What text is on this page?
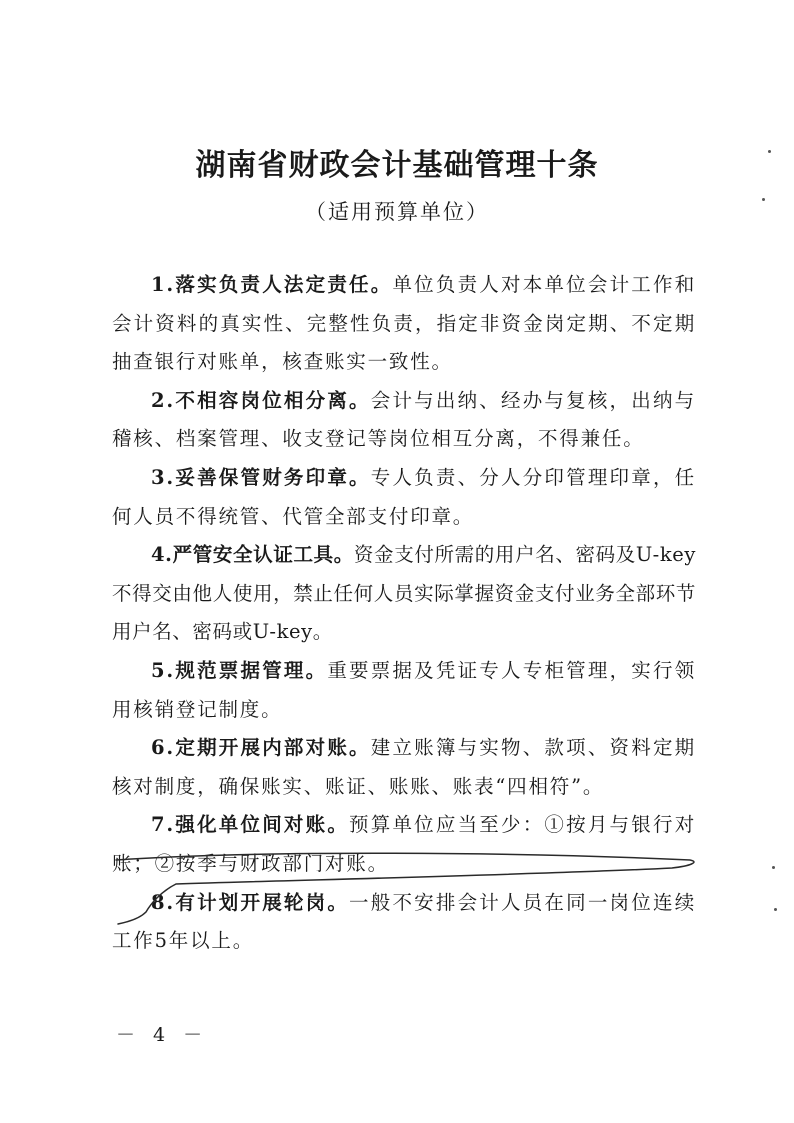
湖南省财政会计基础管理十条
（适用预算单位）

1.落实负责人法定责任。单位负责人对本单位会计工作和会计资料的真实性、完整性负责，指定非资金岗定期、不定期抽查银行对账单，核查账实一致性。

2.不相容岗位相分离。会计与出纳、经办与复核，出纳与稽核、档案管理、收支登记等岗位相互分离，不得兼任。

3.妥善保管财务印章。专人负责、分人分印管理印章，任何人员不得统管、代管全部支付印章。

4.严管安全认证工具。资金支付所需的用户名、密码及U-key不得交由他人使用，禁止任何人员实际掌握资金支付业务全部环节用户名、密码或U-key。

5.规范票据管理。重要票据及凭证专人专柜管理，实行领用核销登记制度。

6.定期开展内部对账。建立账簿与实物、款项、资料定期核对制度，确保账实、账证、账账、账表“四相符”。

7.强化单位间对账。预算单位应当至少：①按月与银行对账；②按季与财政部门对账。

8.有计划开展轮岗。一般不安排会计人员在同一岗位连续工作5年以上。

－ 4 －
